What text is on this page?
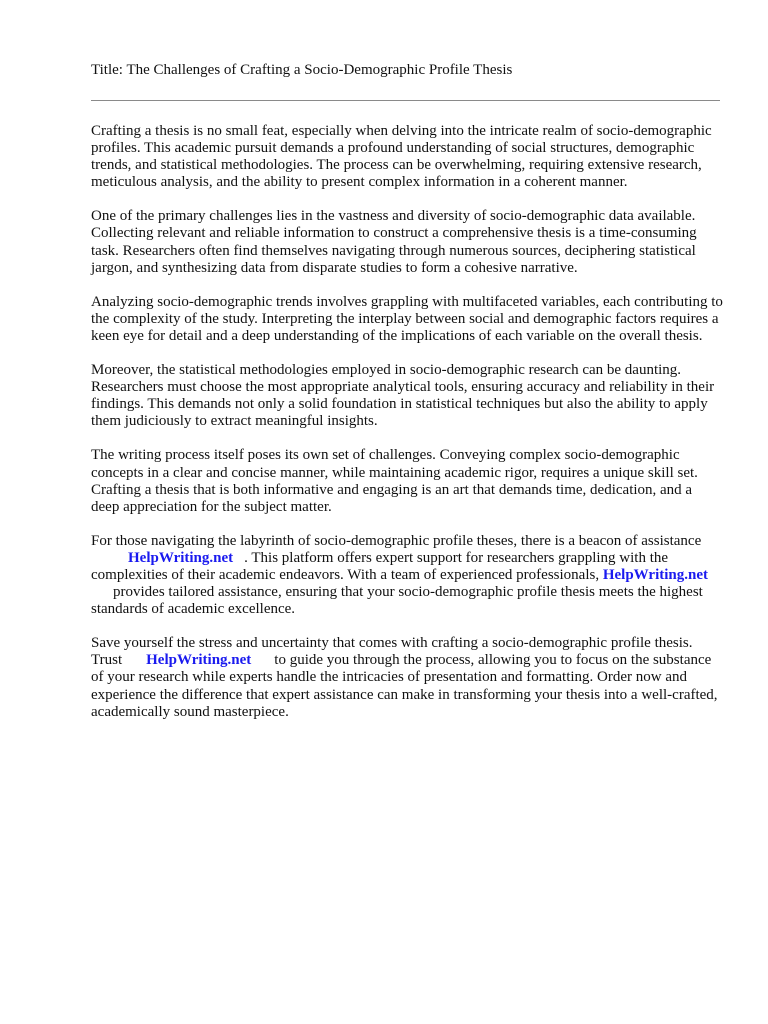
Title: The Challenges of Crafting a Socio-Demographic Profile Thesis

Crafting a thesis is no small feat, especially when delving into the intricate realm of socio-demographic profiles. This academic pursuit demands a profound understanding of social structures, demographic trends, and statistical methodologies. The process can be overwhelming, requiring extensive research, meticulous analysis, and the ability to present complex information in a coherent manner.

One of the primary challenges lies in the vastness and diversity of socio-demographic data available. Collecting relevant and reliable information to construct a comprehensive thesis is a time-consuming task. Researchers often find themselves navigating through numerous sources, deciphering statistical jargon, and synthesizing data from disparate studies to form a cohesive narrative.

Analyzing socio-demographic trends involves grappling with multifaceted variables, each contributing to the complexity of the study. Interpreting the interplay between social and demographic factors requires a keen eye for detail and a deep understanding of the implications of each variable on the overall thesis.

Moreover, the statistical methodologies employed in socio-demographic research can be daunting. Researchers must choose the most appropriate analytical tools, ensuring accuracy and reliability in their findings. This demands not only a solid foundation in statistical techniques but also the ability to apply them judiciously to extract meaningful insights.

The writing process itself poses its own set of challenges. Conveying complex socio-demographic concepts in a clear and concise manner, while maintaining academic rigor, requires a unique skill set. Crafting a thesis that is both informative and engaging is an art that demands time, dedication, and a deep appreciation for the subject matter.

For those navigating the labyrinth of socio-demographic profile theses, there is a beacon of assistanceHelpWriting.net . This platform offers expert support for researchers grappling with the complexities of their academic endeavors. With a team of experienced professionals, HelpWriting.netprovides tailored assistance, ensuring that your socio-demographic profile thesis meets the highest standards of academic excellence.

Save yourself the stress and uncertainty that comes with crafting a socio-demographic profile thesis. Trust HelpWriting.net to guide you through the process, allowing you to focus on the substance of your research while experts handle the intricacies of presentation and formatting. Order now and experience the difference that expert assistance can make in transforming your thesis into a well-crafted, academically sound masterpiece.
